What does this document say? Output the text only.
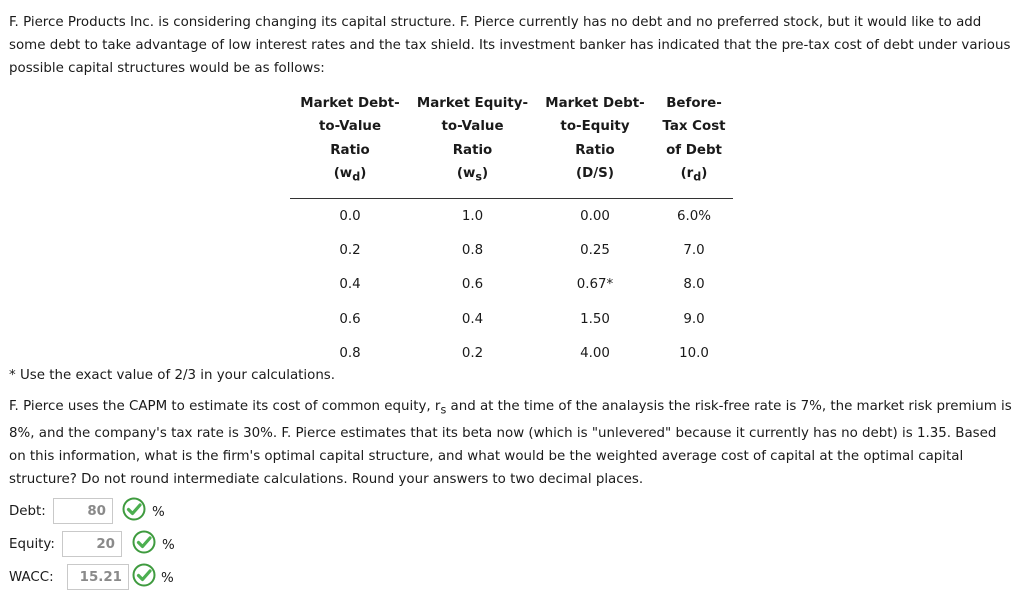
F. Pierce Products Inc. is considering changing its capital structure. F. Pierce currently has no debt and no preferred stock, but it would like to add some debt to take advantage of low interest rates and the tax shield. Its investment banker has indicated that the pre-tax cost of debt under various possible capital structures would be as follows:

Market Debt-
to-Value
Ratio
$(w_d)$	Market Equity-
to-Value
Ratio
$(w_s)$	Market Debt-
to-Equity
Ratio
(D/S)	Before-
Tax Cost
of Debt
$(r_d)$

0.0	1.0	0.00	6.0%
0.2	0.8	0.25	7.0
0.4	0.6	0.67*	8.0
0.6	0.4	1.50	9.0
0.8	0.2	4.00	10.0

* Use the exact value of 2/3 in your calculations.

F. Pierce uses the CAPM to estimate its cost of common equity, $r_s$ and at the time of the analaysis the risk-free rate is 7%, the market risk premium is 8%, and the company's tax rate is 30%. F. Pierce estimates that its beta now (which is "unlevered" because it currently has no debt) is 1.35. Based on this information, what is the firm's optimal capital structure, and what would be the weighted average cost of capital at the optimal capital structure? Do not round intermediate calculations. Round your answers to two decimal places.

Debt:
80	%
Equity:
20	%
WACC:
15.21	%
